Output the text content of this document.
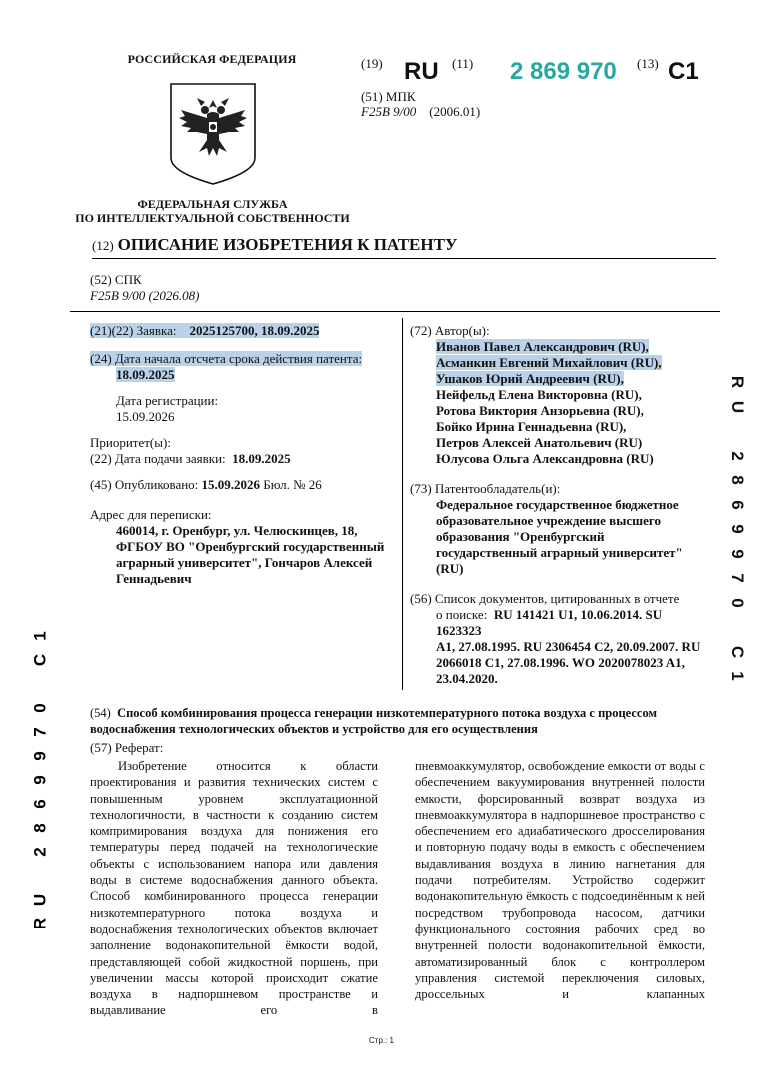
РОССИЙСКАЯ ФЕДЕРАЦИЯ
ФЕДЕРАЛЬНАЯ СЛУЖБА
ПО ИНТЕЛЛЕКТУАЛЬНОЙ СОБСТВЕННОСТИ
(19) RU (11) 2 869 970 (13) C1
(51) МПК
F25B 9/00 (2006.01)
(12) ОПИСАНИЕ ИЗОБРЕТЕНИЯ К ПАТЕНТУ
(52) СПК
F25B 9/00 (2026.08)
(21)(22) Заявка: 2025125700, 18.09.2025
(24) Дата начала отсчета срока действия патента:
18.09.2025
Дата регистрации:
15.09.2026
Приоритет(ы):
(22) Дата подачи заявки: 18.09.2025
(45) Опубликовано: 15.09.2026 Бюл. № 26
Адрес для переписки:
460014, г. Оренбург, ул. Челюскинцев, 18,
ФГБОУ ВО "Оренбургский государственный
аграрный университет", Гончаров Алексей
Геннадьевич
(72) Автор(ы):
Иванов Павел Александрович (RU),
Асманкин Евгений Михайлович (RU),
Ушаков Юрий Андреевич (RU),
Нейфельд Елена Викторовна (RU),
Ротова Виктория Анзорьевна (RU),
Бойко Ирина Геннадьевна (RU),
Петров Алексей Анатольевич (RU)
Юлусова Ольга Александровна (RU)
(73) Патентообладатель(и):
Федеральное государственное бюджетное
образовательное учреждение высшего
образования "Оренбургский
государственный аграрный университет"
(RU)
(56) Список документов, цитированных в отчете
о поиске: RU 141421 U1, 10.06.2014. SU 1623323
A1, 27.08.1995. RU 2306454 C2, 20.09.2007. RU
2066018 C1, 27.08.1996. WO 2020078023 A1,
23.04.2020.
R
U
2
8
6
9
9
7
0
C
1
R
U
2
8
6
9
9
7
0
C
1
(54) Способ комбинирования процесса генерации низкотемпературного потока воздуха с процессом водоснабжения технологических объектов и устройство для его осуществления
(57) Реферат:

Изобретение относится к области проектирования и развития технических систем с повышенным уровнем эксплуатационной технологичности, в частности к созданию систем компримирования воздуха для понижения его температуры перед подачей на технологические объекты с использованием напора или давления воды в системе водоснабжения данного объекта. Способ комбинированного процесса генерации низкотемпературного потока воздуха и водоснабжения технологических объектов включает заполнение водонакопительной ёмкости водой, представляющей собой жидкостной поршень, при увеличении массы которой происходит сжатие воздуха в надпоршневом пространстве и выдавливание его в

пневмоаккумулятор, освобождение емкости от воды с обеспечением вакуумирования внутренней полости емкости, форсированный возврат воздуха из пневмоаккумулятора в надпоршневое пространство с обеспечением его адиабатического дросселирования и повторную подачу воды в емкость с обеспечением выдавливания воздуха в линию нагнетания для подачи потребителям. Устройство содержит водонакопительную ёмкость с подсоединённым к ней посредством трубопровода насосом, датчики функционального состояния рабочих сред во внутренней полости водонакопительной ёмкости, автоматизированный блок с контроллером управления системой переключения силовых, дроссельных и клапанных

Стр.: 1
